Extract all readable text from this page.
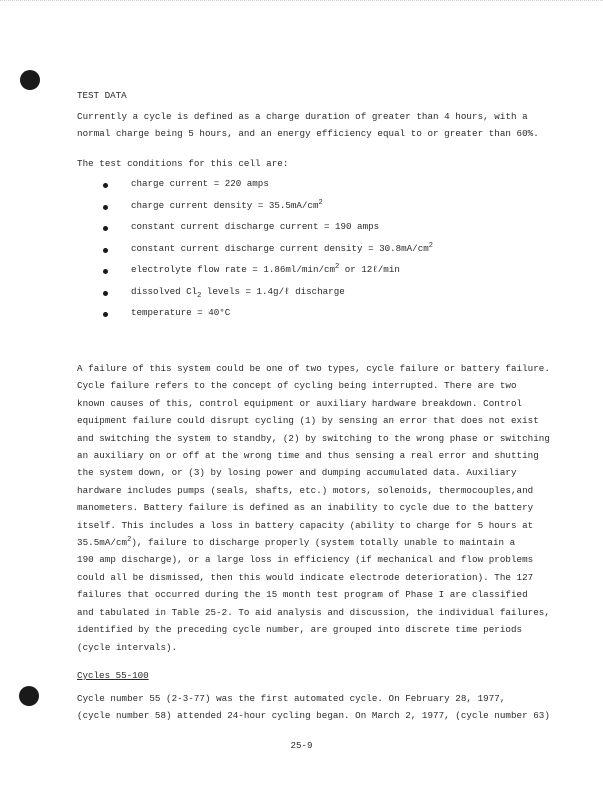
TEST DATA
Currently a cycle is defined as a charge duration of greater than 4 hours, with a
normal charge being 5 hours, and an energy efficiency equal to or greater than 60%.
The test conditions for this cell are:
charge current = 220 amps
charge current density = $35.5mA/cm^2$
constant current discharge current = 190 amps
constant current discharge current density = $30.8mA/cm^2$
electrolyte flow rate = $1.86ml/\min/cm^2$ or 12ℓ/min
dissolved $Cl_2$ levels = 1.4g/ℓ discharge
temperature = 40°C
A failure of this system could be one of two types, cycle failure or battery failure.
Cycle failure refers to the concept of cycling being interrupted. There are two
known causes of this, control equipment or auxiliary hardware breakdown. Control
equipment failure could disrupt cycling (1) by sensing an error that does not exist
and switching the system to standby, (2) by switching to the wrong phase or switching
an auxiliary on or off at the wrong time and thus sensing a real error and shutting
the system down, or (3) by losing power and dumping accumulated data. Auxiliary
hardware includes pumps (seals, shafts, etc.) motors, solenoids, thermocouples,and
manometers. Battery failure is defined as an inability to cycle due to the battery
itself. This includes a loss in battery capacity (ability to charge for 5 hours at
$35.5mA/cm^2$), failure to discharge properly (system totally unable to maintain a
190 amp discharge), or a large loss in efficiency (if mechanical and flow problems
could all be dismissed, then this would indicate electrode deterioration). The 127
failures that occurred during the 15 month test program of Phase I are classified
and tabulated in Table 25-2. To aid analysis and discussion, the individual failures,
identified by the preceding cycle number, are grouped into discrete time periods
(cycle intervals).
Cycles 55-100
Cycle number 55 (2-3-77) was the first automated cycle. On February 28, 1977,
(cycle number 58) attended 24-hour cycling began. On March 2, 1977, (cycle number 63)
25-9
